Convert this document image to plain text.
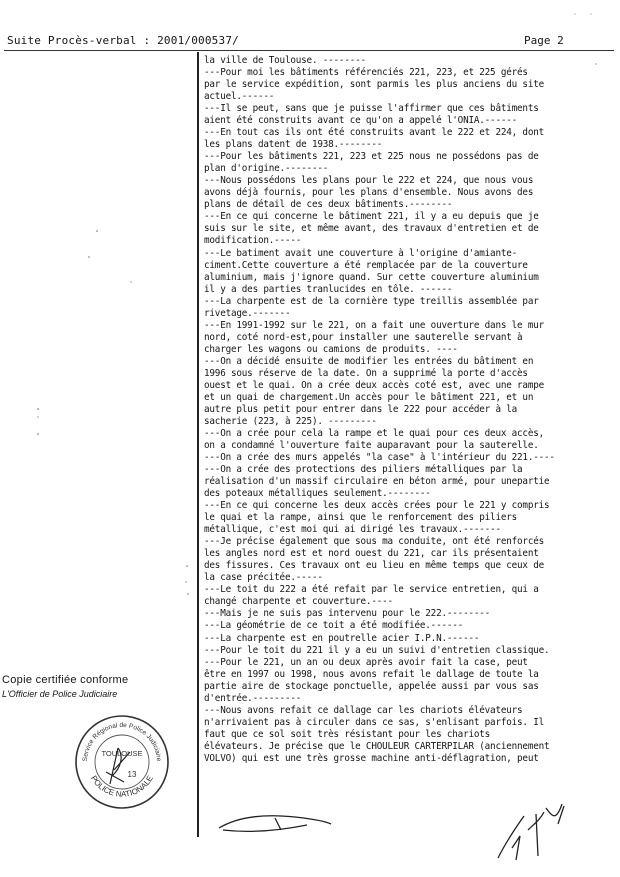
Suite Procès-verbal : 2001/000537/	Page 2
la ville de Toulouse. --------
---Pour moi les bâtiments référenciés 221, 223, et 225 gérés
par le service expédition, sont parmis les plus anciens du site
actuel.------
---Il se peut, sans que je puisse l'affirmer que ces bâtiments
aient été construits avant ce qu'on a appelé l'ONIA.------
---En tout cas ils ont été construits avant le 222 et 224, dont
les plans datent de 1938.--------
---Pour les bâtiments 221, 223 et 225 nous ne possédons pas de
plan d'origine.--------
---Nous possédons les plans pour le 222 et 224, que nous vous
avons déjà fournis, pour les plans d'ensemble. Nous avons des
plans de détail de ces deux bâtiments.--------
---En ce qui concerne le bâtiment 221, il y a eu depuis que je
suis sur le site, et même avant, des travaux d'entretien et de
modification.-----
---Le batiment avait une couverture à l'origine d'amiante-
ciment.Cette couverture a été remplacée par de la couverture
aluminium, mais j'ignore quand. Sur cette couverture aluminium
il y a des parties tranlucides en tôle. ------
---La charpente est de la cornière type treillis assemblée par
rivetage.-------
---En 1991-1992 sur le 221, on a fait une ouverture dans le mur
nord, coté nord-est,pour installer une sauterelle servant à
charger les wagons ou camions de produits. ----
---On a décidé ensuite de modifier les entrées du bâtiment en
1996 sous réserve de la date. On a supprimé la porte d'accès
ouest et le quai. On a crée deux accès coté est, avec une rampe
et un quai de chargement.Un accès pour le bâtiment 221, et un
autre plus petit pour entrer dans le 222 pour accéder à la
sacherie (223, à 225). ---------
---On a crée pour cela la rampe et le quai pour ces deux accès,
on a condamné l'ouverture faite auparavant pour la sauterelle.
---On a crée des murs appelés "la case" à l'intérieur du 221.----
---On a crée des protections des piliers métalliques par la
réalisation d'un massif circulaire en béton armé, pour unepartie
des poteaux métalliques seulement.--------
---En ce qui concerne les deux accès crées pour le 221 y compris
le quai et la rampe, ainsi que le renforcement des piliers
métallique, c'est moi qui ai dirigé les travaux.-------
---Je précise également que sous ma conduite, ont été renforcés
les angles nord est et nord ouest du 221, car ils présentaient
des fissures. Ces travaux ont eu lieu en même temps que ceux de
la case précitée.-----
---Le toit du 222 a été refait par le service entretien, qui a
changé charpente et couverture.----
---Mais je ne suis pas intervenu pour le 222.--------
---La géométrie de ce toit a été modifiée.------
---La charpente est en poutrelle acier I.P.N.------
---Pour le toit du 221 il y a eu un suivi d'entretien classique.
---Pour le 221, un an ou deux après avoir fait la case, peut
être en 1997 ou 1998, nous avons refait le dallage de toute la
partie aire de stockage ponctuelle, appelée aussi par vous sas
d'entrée.---------
---Nous avons refait ce dallage car les chariots élévateurs
n'arrivaient pas à circuler dans ce sas, s'enlisant parfois. Il
faut que ce sol soit très résistant pour les chariots
élévateurs. Je précise que le CHOULEUR CARTERPILAR (anciennement
VOLVO) qui est une très grosse machine anti-déflagration, peut
Copie certifiée conforme
L'Officier de Police Judiciaire
Service Régional de Police Judiciaire
POLICE NATIONALE
TOULOUSE
13
